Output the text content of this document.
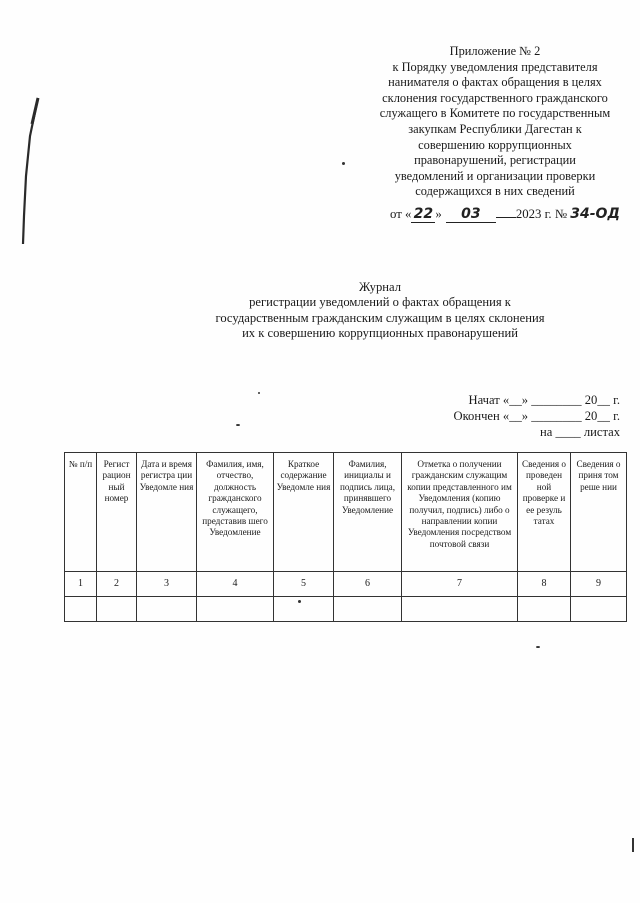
Приложение № 2
к Порядку уведомления представителя
нанимателя о фактах обращения в целях
склонения государственного гражданского
служащего в Комитете по государственным
закупкам Республики Дагестан к
совершению коррупционных
правонарушений, регистрации
уведомлений и организации проверки
содержащихся в них сведений
от « 22 » 03	2023 г. № 34-ОД
Журнал
регистрации уведомлений о фактах обращения к
государственным гражданским служащим в целях склонения
их к совершению коррупционных правонарушений
Начат «__» ________ 20__ г.
Окончен «__» ________ 20__ г.
на ____ листах
№ п/п	Регист рацион ный номер	Дата и время регистра ции Уведомле ния	Фамилия, имя, отчество, должность гражданского служащего, представив шего Уведомление	Краткое содержание Уведомле ния	Фамилия, инициалы и подпись лица, принявшего Уведомление	Отметка о получении гражданским служащим копии представленного им Уведомления (копию получил, подпись) либо о направлении копии Уведомления посредством почтовой связи	Сведения о проведен ной проверке и ее резуль татах	Сведения о приня том реше нии
1	2	3	4	5	6	7	8	9
